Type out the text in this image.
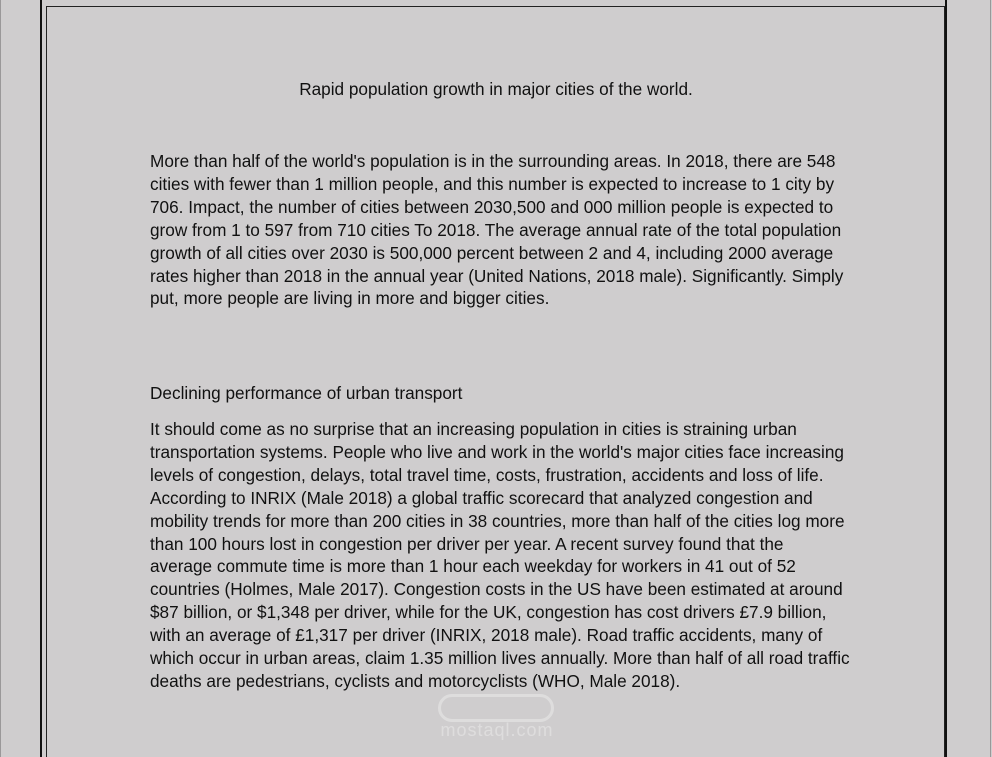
Rapid population growth in major cities of the world.

More than half of the world's population is in the surrounding areas. In 2018, there are 548 cities with fewer than 1 million people, and this number is expected to increase to 1 city by 706. Impact, the number of cities between 2030,500 and 000 million people is expected to grow from 1 to 597 from 710 cities To 2018. The average annual rate of the total population growth of all cities over 2030 is 500,000 percent between 2 and 4, including 2000 average rates higher than 2018 in the annual year (United Nations, 2018 male). Significantly. Simply put, more people are living in more and bigger cities.

Declining performance of urban transport

It should come as no surprise that an increasing population in cities is straining urban transportation systems. People who live and work in the world's major cities face increasing levels of congestion, delays, total travel time, costs, frustration, accidents and loss of life. According to INRIX (Male 2018) a global traffic scorecard that analyzed congestion and mobility trends for more than 200 cities in 38 countries, more than half of the cities log more than 100 hours lost in congestion per driver per year. A recent survey found that the average commute time is more than 1 hour each weekday for workers in 41 out of 52 countries (Holmes, Male 2017). Congestion costs in the US have been estimated at around $87 billion, or $1,348 per driver, while for the UK, congestion has cost drivers £7.9 billion, with an average of £1,317 per driver (INRIX, 2018 male). Road traffic accidents, many of which occur in urban areas, claim 1.35 million lives annually. More than half of all road traffic deaths are pedestrians, cyclists and motorcyclists (WHO, Male 2018).

mostaql.com
